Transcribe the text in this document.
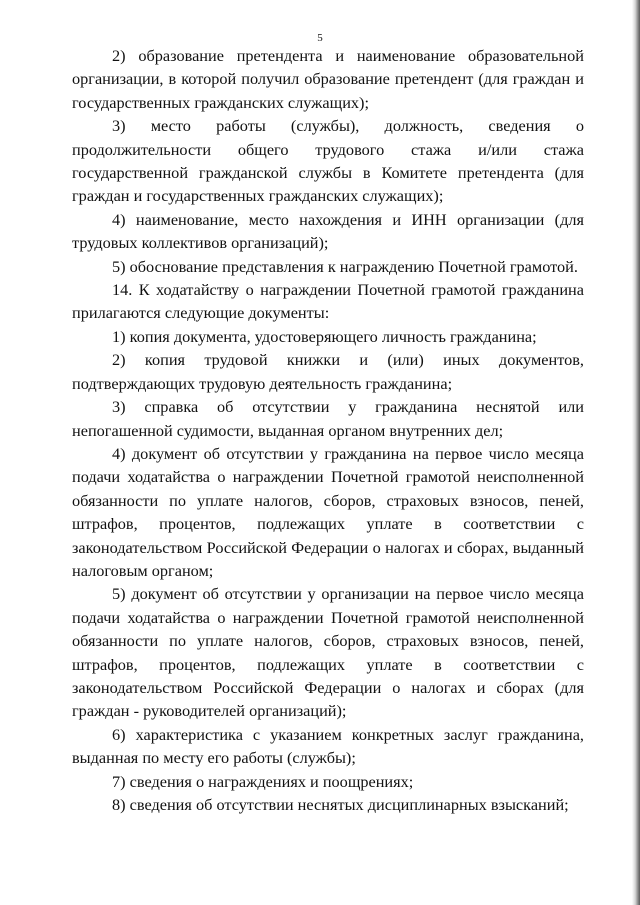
5

2) образование претендента и наименование образовательной организации, в которой получил образование претендент (для граждан и государственных гражданских служащих);

3) место работы (службы), должность, сведения о продолжительности общего трудового стажа и/или стажа государственной гражданской службы в Комитете претендента (для граждан и государственных гражданских служащих);

4) наименование, место нахождения и ИНН организации (для трудовых коллективов организаций);

5) обоснование представления к награждению Почетной грамотой.

14. К ходатайству о награждении Почетной грамотой гражданина прилагаются следующие документы:

1) копия документа, удостоверяющего личность гражданина;

2) копия трудовой книжки и (или) иных документов, подтверждающих трудовую деятельность гражданина;

3) справка об отсутствии у гражданина неснятой или непогашенной судимости, выданная органом внутренних дел;

4) документ об отсутствии у гражданина на первое число месяца подачи ходатайства о награждении Почетной грамотой неисполненной обязанности по уплате налогов, сборов, страховых взносов, пеней, штрафов, процентов, подлежащих уплате в соответствии с законодательством Российской Федерации о налогах и сборах, выданный налоговым органом;

5) документ об отсутствии у организации на первое число месяца подачи ходатайства о награждении Почетной грамотой неисполненной обязанности по уплате налогов, сборов, страховых взносов, пеней, штрафов, процентов, подлежащих уплате в соответствии с законодательством Российской Федерации о налогах и сборах (для граждан - руководителей организаций);

6) характеристика с указанием конкретных заслуг гражданина, выданная по месту его работы (службы);

7) сведения о награждениях и поощрениях;

8) сведения об отсутствии неснятых дисциплинарных взысканий;
